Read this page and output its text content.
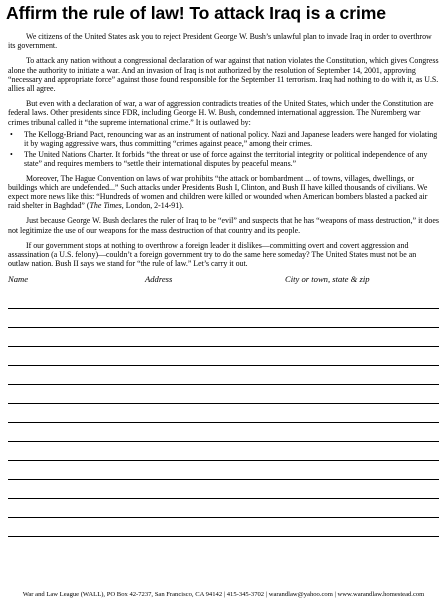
Affirm the rule of law! To attack Iraq is a crime

We citizens of the United States ask you to reject President George W. Bush’s unlawful plan to invade Iraq in order to overthrow its government.

To attack any nation without a congressional declaration of war against that nation violates the Constitution, which gives Congress alone the authority to initiate a war. And an invasion of Iraq is not authorized by the resolution of September 14, 2001, approving “necessary and appropriate force” against those found responsible for the September 11 terrorism. Iraq had nothing to do with it, as U.S. allies all agree.

But even with a declaration of war, a war of aggression contradicts treaties of the United States, which under the Constitution are federal laws. Other presidents since FDR, including George H. W. Bush, condemned international aggression. The Nuremberg war crimes tribunal called it “the supreme international crime.” It is outlawed by:

• The Kellogg-Briand Pact, renouncing war as an instrument of national policy. Nazi and Japanese leaders were hanged for violating it by waging aggressive wars, thus committing “crimes against peace,” among their crimes.
• The United Nations Charter. It forbids “the threat or use of force against the territorial integrity or political independence of any state” and requires members to “settle their international disputes by peaceful means.”

Moreover, The Hague Convention on laws of war prohibits “the attack or bombardment ... of towns, villages, dwellings, or buildings which are undefended...” Such attacks under Presidents Bush I, Clinton, and Bush II have killed thousands of civilians. We expect more news like this: “Hundreds of women and children were killed or wounded when American bombers blasted a packed air raid shelter in Baghdad” (The Times, London, 2-14-91).

Just because George W. Bush declares the ruler of Iraq to be “evil” and suspects that he has “weapons of mass destruction,” it does not legitimize the use of our weapons for the mass destruction of that country and its people.

If our government stops at nothing to overthrow a foreign leader it dislikes—committing overt and covert aggression and assassination (a U.S. felony)—couldn’t a foreign government try to do the same here someday? The United States must not be an outlaw nation. Bush II says we stand for “the rule of law.” Let’s carry it out.

Name	Address	City or town, state & zip
War and Law League (WALL), PO Box 42-7237, San Francisco, CA 94142 | 415-345-3702 | warandlaw@yahoo.com | www.warandlaw.homestead.com
